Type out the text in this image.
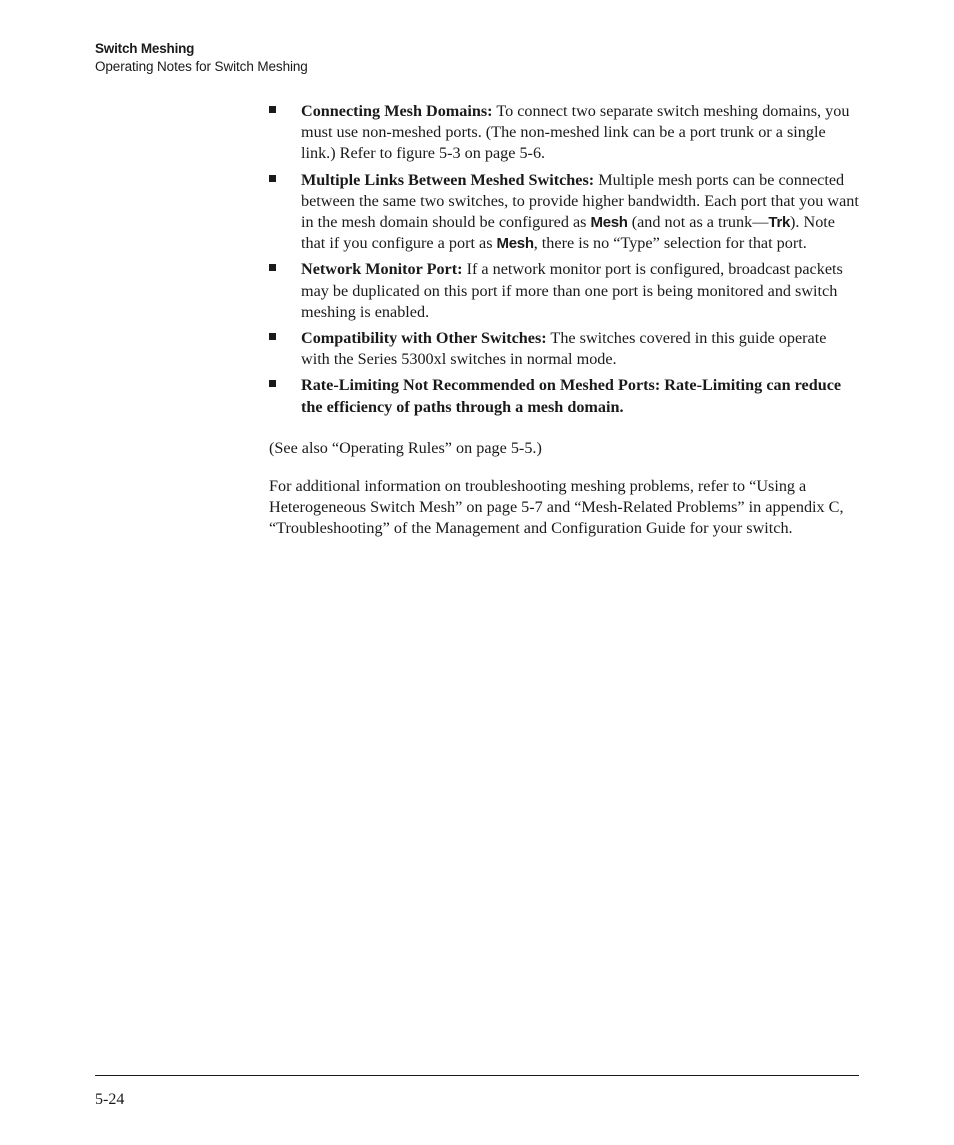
Switch Meshing
Operating Notes for Switch Meshing
Connecting Mesh Domains: To connect two separate switch meshing domains, you must use non-meshed ports. (The non-meshed link can be a port trunk or a single link.) Refer to figure 5-3 on page 5-6.
Multiple Links Between Meshed Switches: Multiple mesh ports can be connected between the same two switches, to provide higher bandwidth. Each port that you want in the mesh domain should be configured as Mesh (and not as a trunk—Trk). Note that if you configure a port as Mesh, there is no “Type” selection for that port.
Network Monitor Port: If a network monitor port is configured, broadcast packets may be duplicated on this port if more than one port is being monitored and switch meshing is enabled.
Compatibility with Other Switches: The switches covered in this guide operate with the Series 5300xl switches in normal mode.
Rate-Limiting Not Recommended on Meshed Ports: Rate-Limiting can reduce the efficiency of paths through a mesh domain.

(See also “Operating Rules” on page 5-5.)

For additional information on troubleshooting meshing problems, refer to “Using a Heterogeneous Switch Mesh” on page 5-7 and “Mesh-Related Problems” in appendix C, “Troubleshooting” of the Management and Configuration Guide for your switch.

5-24
